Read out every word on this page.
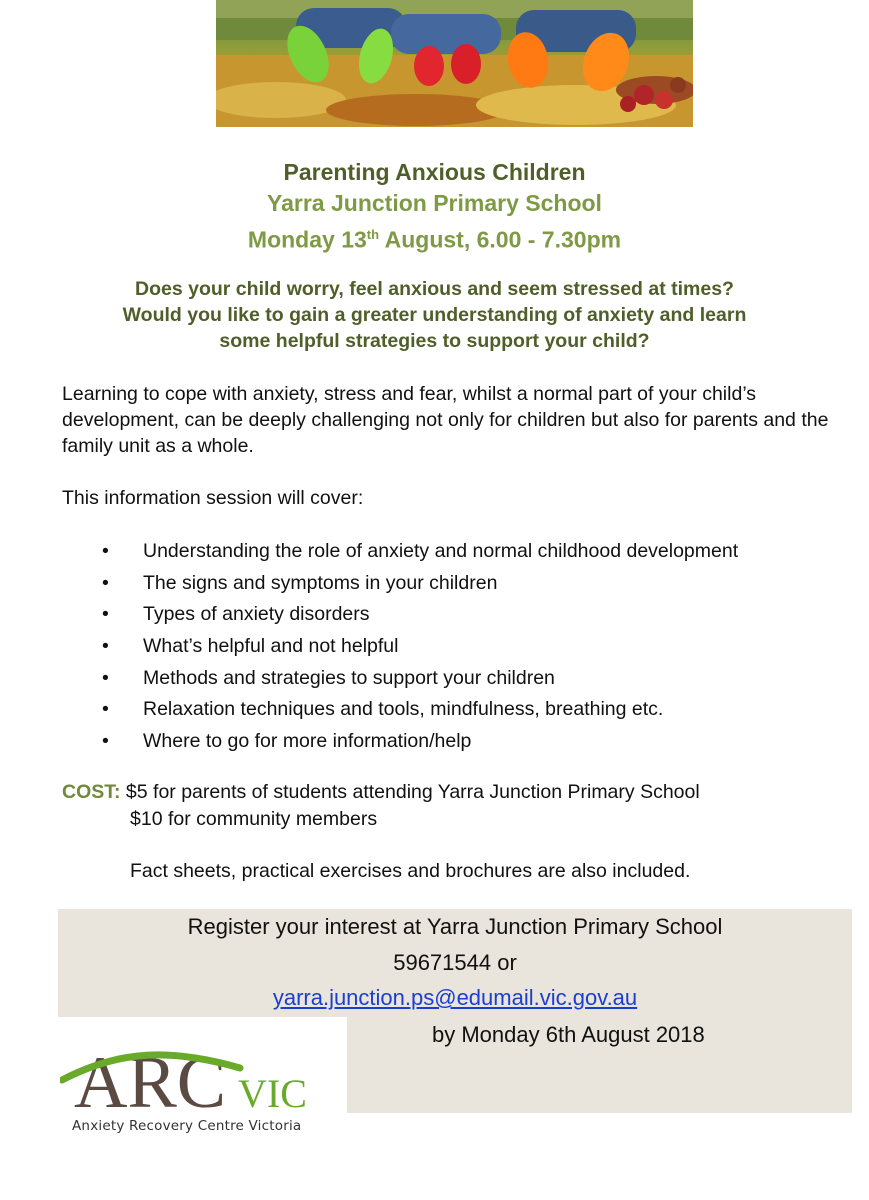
Parenting Anxious Children
Yarra Junction Primary School
Monday 13th August, 6.00 - 7.30pm
Does your child worry, feel anxious and seem stressed at times?
Would you like to gain a greater understanding of anxiety and learn
some helpful strategies to support your child?
Learning to cope with anxiety, stress and fear, whilst a normal part of your child’s development, can be deeply challenging not only for children but also for parents and the family unit as a whole.
This information session will cover:
• Understanding the role of anxiety and normal childhood development
• The signs and symptoms in your children
• Types of anxiety disorders
• What’s helpful and not helpful
• Methods and strategies to support your children
• Relaxation techniques and tools, mindfulness, breathing etc.
• Where to go for more information/help
COST: $5 for parents of students attending Yarra Junction Primary School
$10 for community members
Fact sheets, practical exercises and brochures are also included.
Register your interest at Yarra Junction Primary School
59671544 or
yarra.junction.ps@edumail.vic.gov.au
by Monday 6th August 2018
ARC VIC
Anxiety Recovery Centre Victoria
